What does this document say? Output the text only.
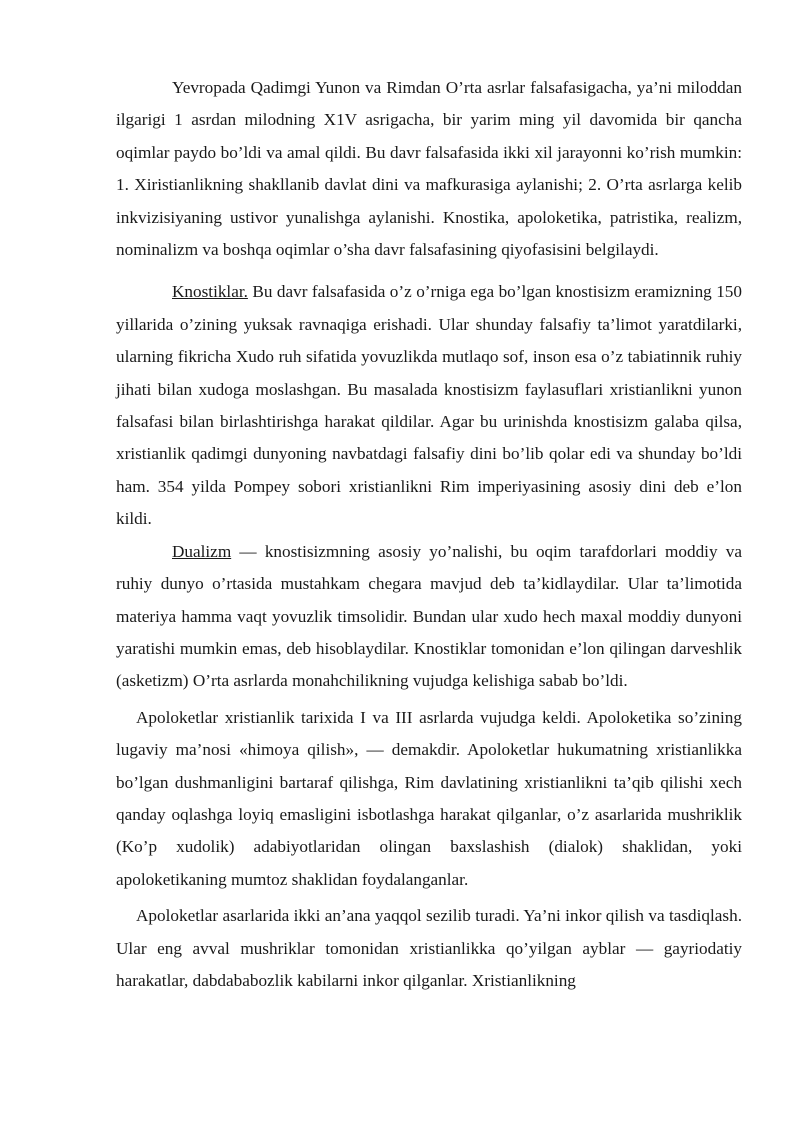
Yevropada Qadimgi Yunon va Rimdan O’rta asrlar falsafasigacha, ya’ni miloddan ilgarigi 1 asrdan milodning X1V asrigacha, bir yarim ming yil davomida bir qancha oqimlar paydo bo’ldi va amal qildi. Bu davr falsafasida ikki xil jarayonni ko’rish mumkin: 1. Xiristianlikning shakllanib davlat dini va mafkurasiga aylanishi; 2. O’rta asrlarga kelib inkvizisiyaning ustivor yunalishga aylanishi. Knostika, apoloketika, patristika, realizm, nominalizm va boshqa oqimlar o’sha davr falsafasining qiyofasisini belgilaydi.

Knostiklar. Bu davr falsafasida o’z o’rniga ega bo’lgan knostisizm eramizning 150 yillarida o’zining yuksak ravnaqiga erishadi. Ular shunday falsafiy ta’limot yaratdilarki, ularning fikricha Xudo ruh sifatida yovuzlikda mutlaqo sof, inson esa o’z tabiatinnik ruhiy jihati bilan xudoga moslashgan. Bu masalada knostisizm faylasuflari xristianlikni yunon falsafasi bilan birlashtirishga harakat qildilar. Agar bu urinishda knostisizm galaba qilsa, xristianlik qadimgi dunyoning navbatdagi falsafiy dini bo’lib qolar edi va shunday bo’ldi ham. 354 yilda Pompey sobori xristianlikni Rim imperiyasining asosiy dini deb e’lon kildi.

Dualizm — knostisizmning asosiy yo’nalishi, bu oqim tarafdorlari moddiy va ruhiy dunyo o’rtasida mustahkam chegara mavjud deb ta’kidlaydilar. Ular ta’limotida materiya hamma vaqt yovuzlik timsolidir. Bundan ular xudo hech maxal moddiy dunyoni yaratishi mumkin emas, deb hisoblaydilar. Knostiklar tomonidan e’lon qilingan darveshlik (asketizm) O’rta asrlarda monahchilikning vujudga kelishiga sabab bo’ldi.

Apoloketlar xristianlik tarixida I va III asrlarda vujudga keldi. Apoloketika so’zining lugaviy ma’nosi «himoya qilish», — demakdir. Apoloketlar hukumatning xristianlikka bo’lgan dushmanligini bartaraf qilishga, Rim davlatining xristianlikni ta’qib qilishi xech qanday oqlashga loyiq emasligini isbotlashga harakat qilganlar, o’z asarlarida mushriklik (Ko’p xudolik) adabiyotlaridan olingan baxslashish (dialok) shaklidan, yoki apoloketikaning mumtoz shaklidan foydalanganlar.

Apoloketlar asarlarida ikki an’ana yaqqol sezilib turadi. Ya’ni inkor qilish va tasdiqlash. Ular eng avval mushriklar tomonidan xristianlikka qo’yilgan ayblar — gayriodatiy harakatlar, dabdababozlik kabilarni inkor qilganlar. Xristianlikning
